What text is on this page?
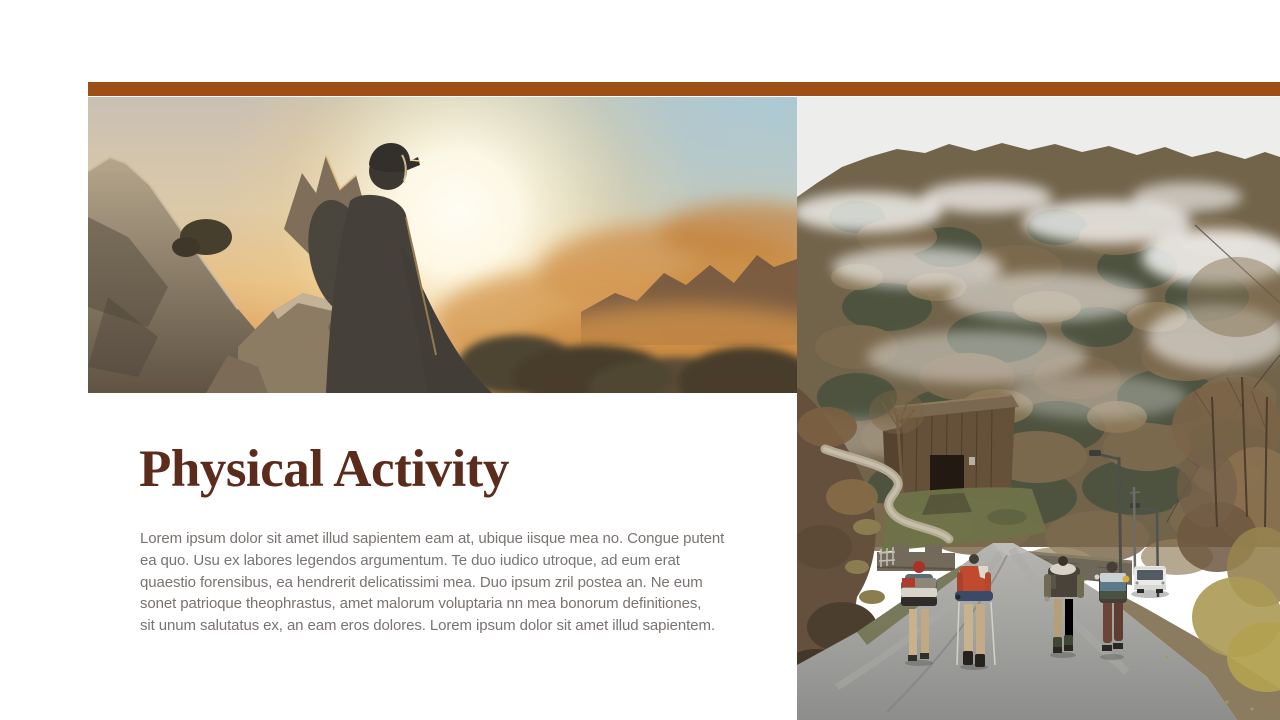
Physical Activity
Lorem ipsum dolor sit amet illud sapientem eam at, ubique iisque mea no. Congue putent
ea quo. Usu ex labores legendos argumentum. Te duo iudico utroque, ad eum erat
quaestio forensibus, ea hendrerit delicatissimi mea. Duo ipsum zril postea an. Ne eum
sonet patrioque theophrastus, amet malorum voluptaria nn mea bonorum definitiones,
sit unum salutatus ex, an eam eros dolores. Lorem ipsum dolor sit amet illud sapientem.
